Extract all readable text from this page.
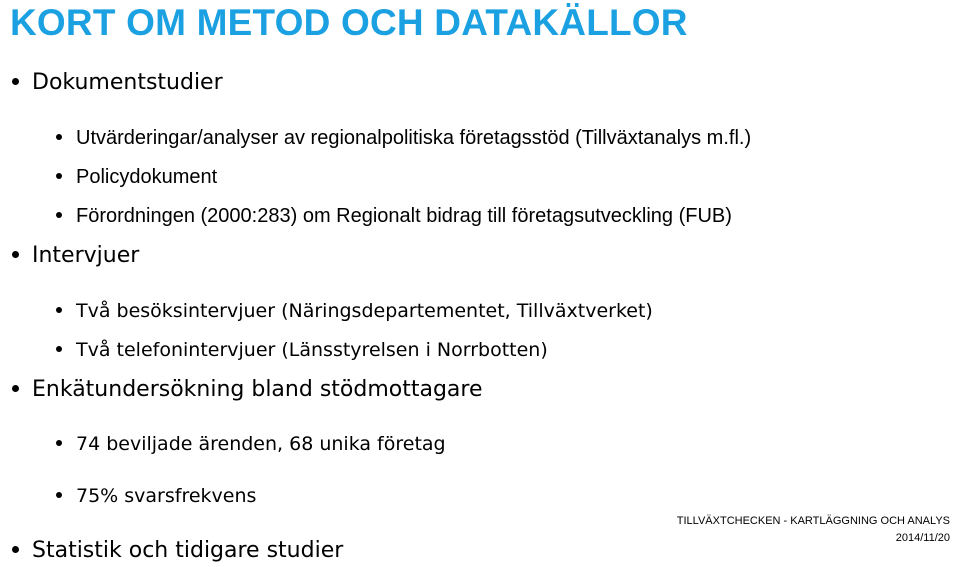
KORT OM METOD OCH DATAKÄLLOR
Dokumentstudier
Utvärderingar/analyser av regionalpolitiska företagsstöd (Tillväxtanalys m.fl.)
Policydokument
Förordningen (2000:283) om Regionalt bidrag till företagsutveckling (FUB)
Intervjuer
Två besöksintervjuer (Näringsdepartementet, Tillväxtverket)
Två telefonintervjuer (Länsstyrelsen i Norrbotten)
Enkätundersökning bland stödmottagare
74 beviljade ärenden, 68 unika företag
75% svarsfrekvens
Statistik och tidigare studier
TILLVÄXTCHECKEN - KARTLÄGGNING OCH ANALYS
2014/11/20
